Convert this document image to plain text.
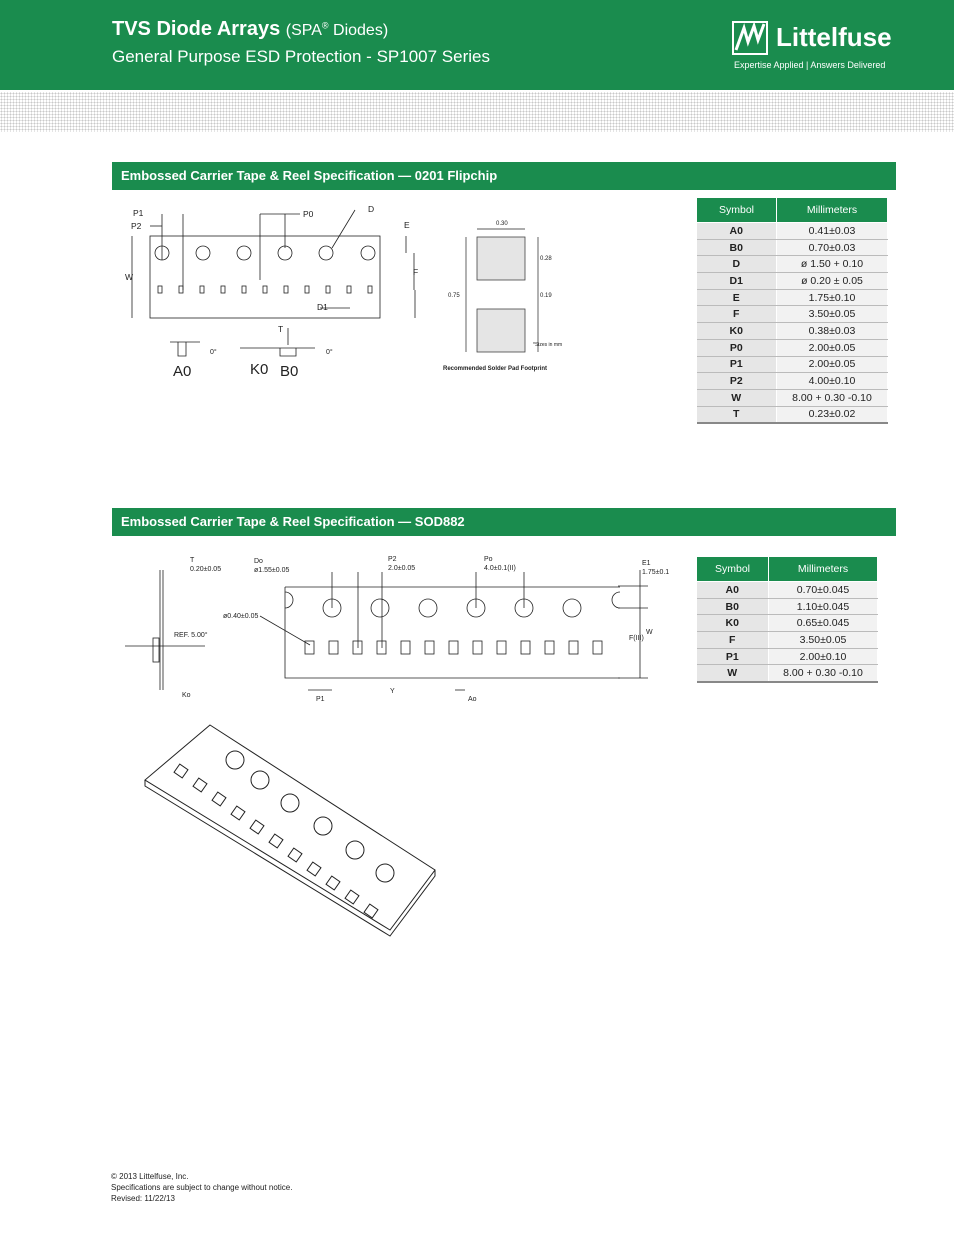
TVS Diode Arrays (SPA® Diodes)
General Purpose ESD Protection - SP1007 Series
Littelfuse
Expertise Applied | Answers Delivered
Embossed Carrier Tape & Reel Specification — 0201 Flipchip
P1
P2
P0	D
E
W	F
D1
T
0°	0°
A0	K0 B0
0.30
0.28
0.19
0.75
*Sizes in mm
Recommended Solder Pad Footprint
Symbol	Millimeters
A0	0.41±0.03
B0	0.70±0.03
D	ø 1.50 + 0.10
D1	ø 0.20 ± 0.05
E	1.75±0.10
F	3.50±0.05
K0	0.38±0.03
P0	2.00±0.05
P1	2.00±0.05
P2	4.00±0.10
W	8.00 + 0.30 -0.10
T	0.23±0.02
Embossed Carrier Tape & Reel Specification — SOD882
T
0.20±0.05
Do
ø1.55±0.05
P2
2.0±0.05
Po
4.0±0.1(II)
E1
1.75±0.1
ø0.40±0.05
REF. 5.00°	F(III)
W
Ko
P1
Y
Ao
Symbol	Millimeters
A0	0.70±0.045
B0	1.10±0.045
K0	0.65±0.045
F	3.50±0.05
P1	2.00±0.10
W	8.00 + 0.30 -0.10
© 2013 Littelfuse, Inc.
Specifications are subject to change without notice.
Revised: 11/22/13
